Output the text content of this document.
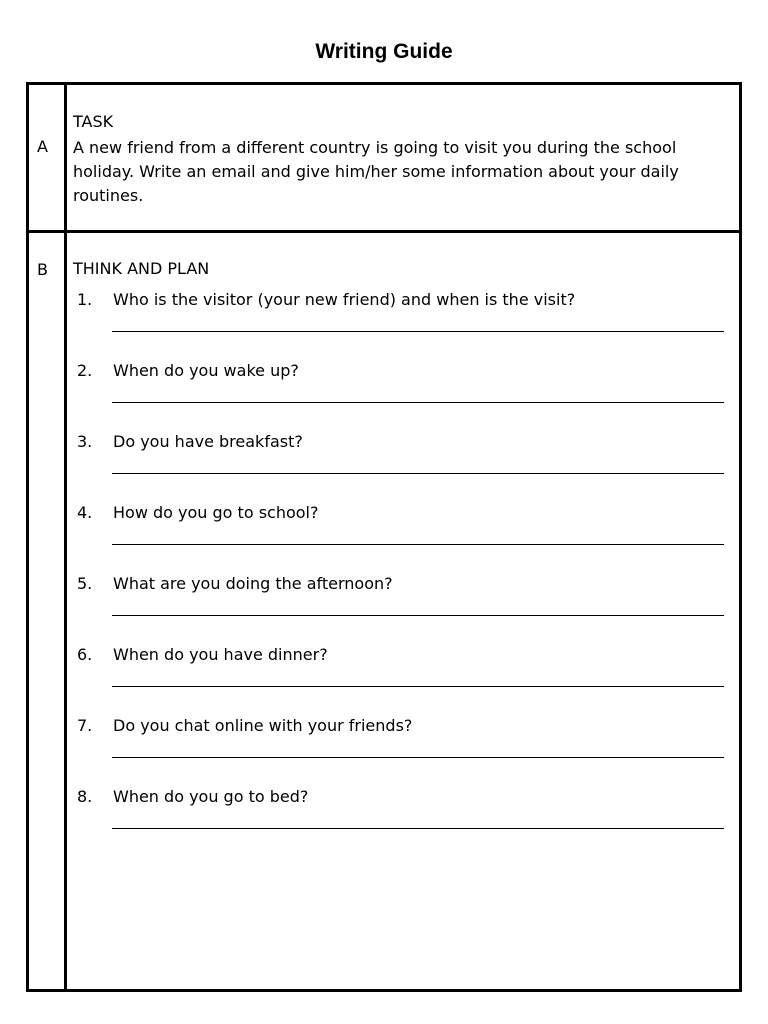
Writing Guide
A
TASK
A new friend from a different country is going to visit you during the school holiday. Write an email and give him/her some information about your daily routines.
B THINK AND PLAN
1. Who is the visitor (your new friend) and when is the visit?
2. When do you wake up?
3. Do you have breakfast?
4. How do you go to school?
5. What are you doing the afternoon?
6. When do you have dinner?
7. Do you chat online with your friends?
8. When do you go to bed?
